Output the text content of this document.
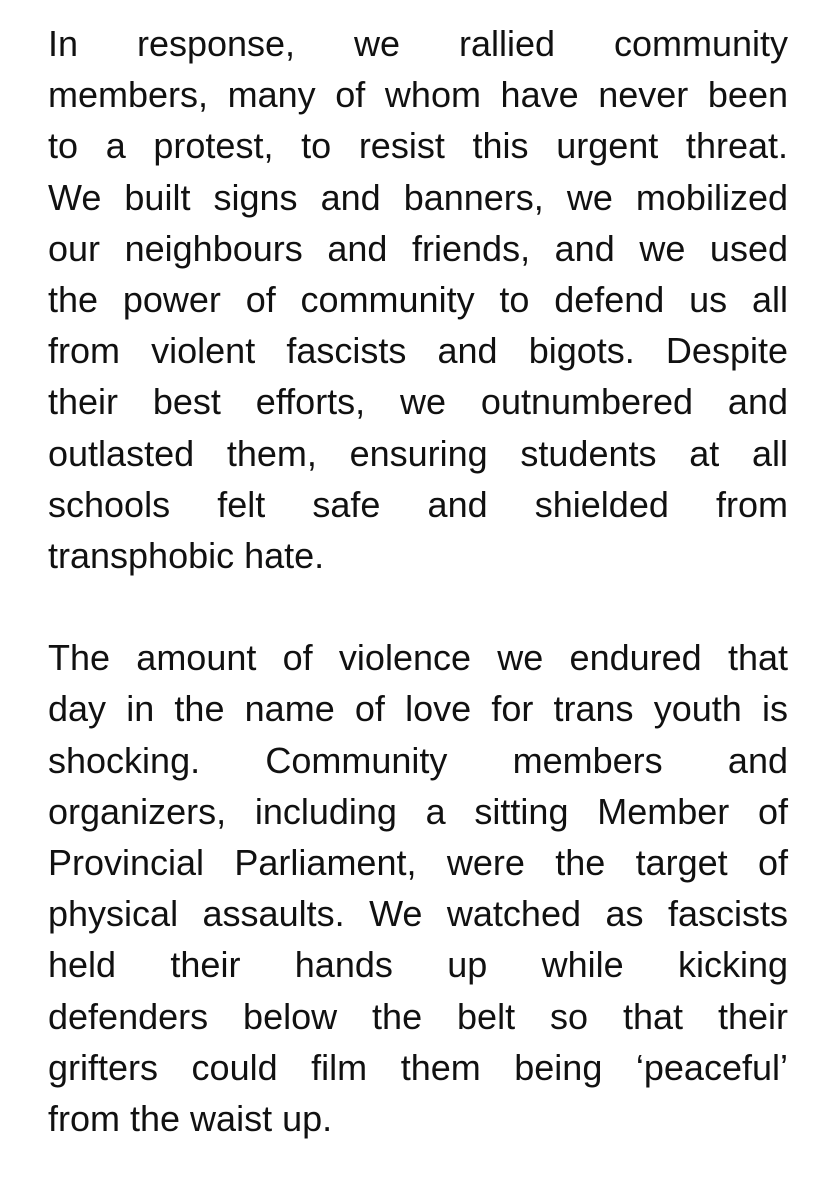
In response, we rallied community
members, many of whom have never been
to a protest, to resist this urgent threat.
We built signs and banners, we mobilized
our neighbours and friends, and we used
the power of community to defend us all
from violent fascists and bigots. Despite
their best efforts, we outnumbered and
outlasted them, ensuring students at all
schools felt safe and shielded from
transphobic hate.
The amount of violence we endured that
day in the name of love for trans youth is
shocking. Community members and
organizers, including a sitting Member of
Provincial Parliament, were the target of
physical assaults. We watched as fascists
held their hands up while kicking
defenders below the belt so that their
grifters could film them being ‘peaceful’
from the waist up.
